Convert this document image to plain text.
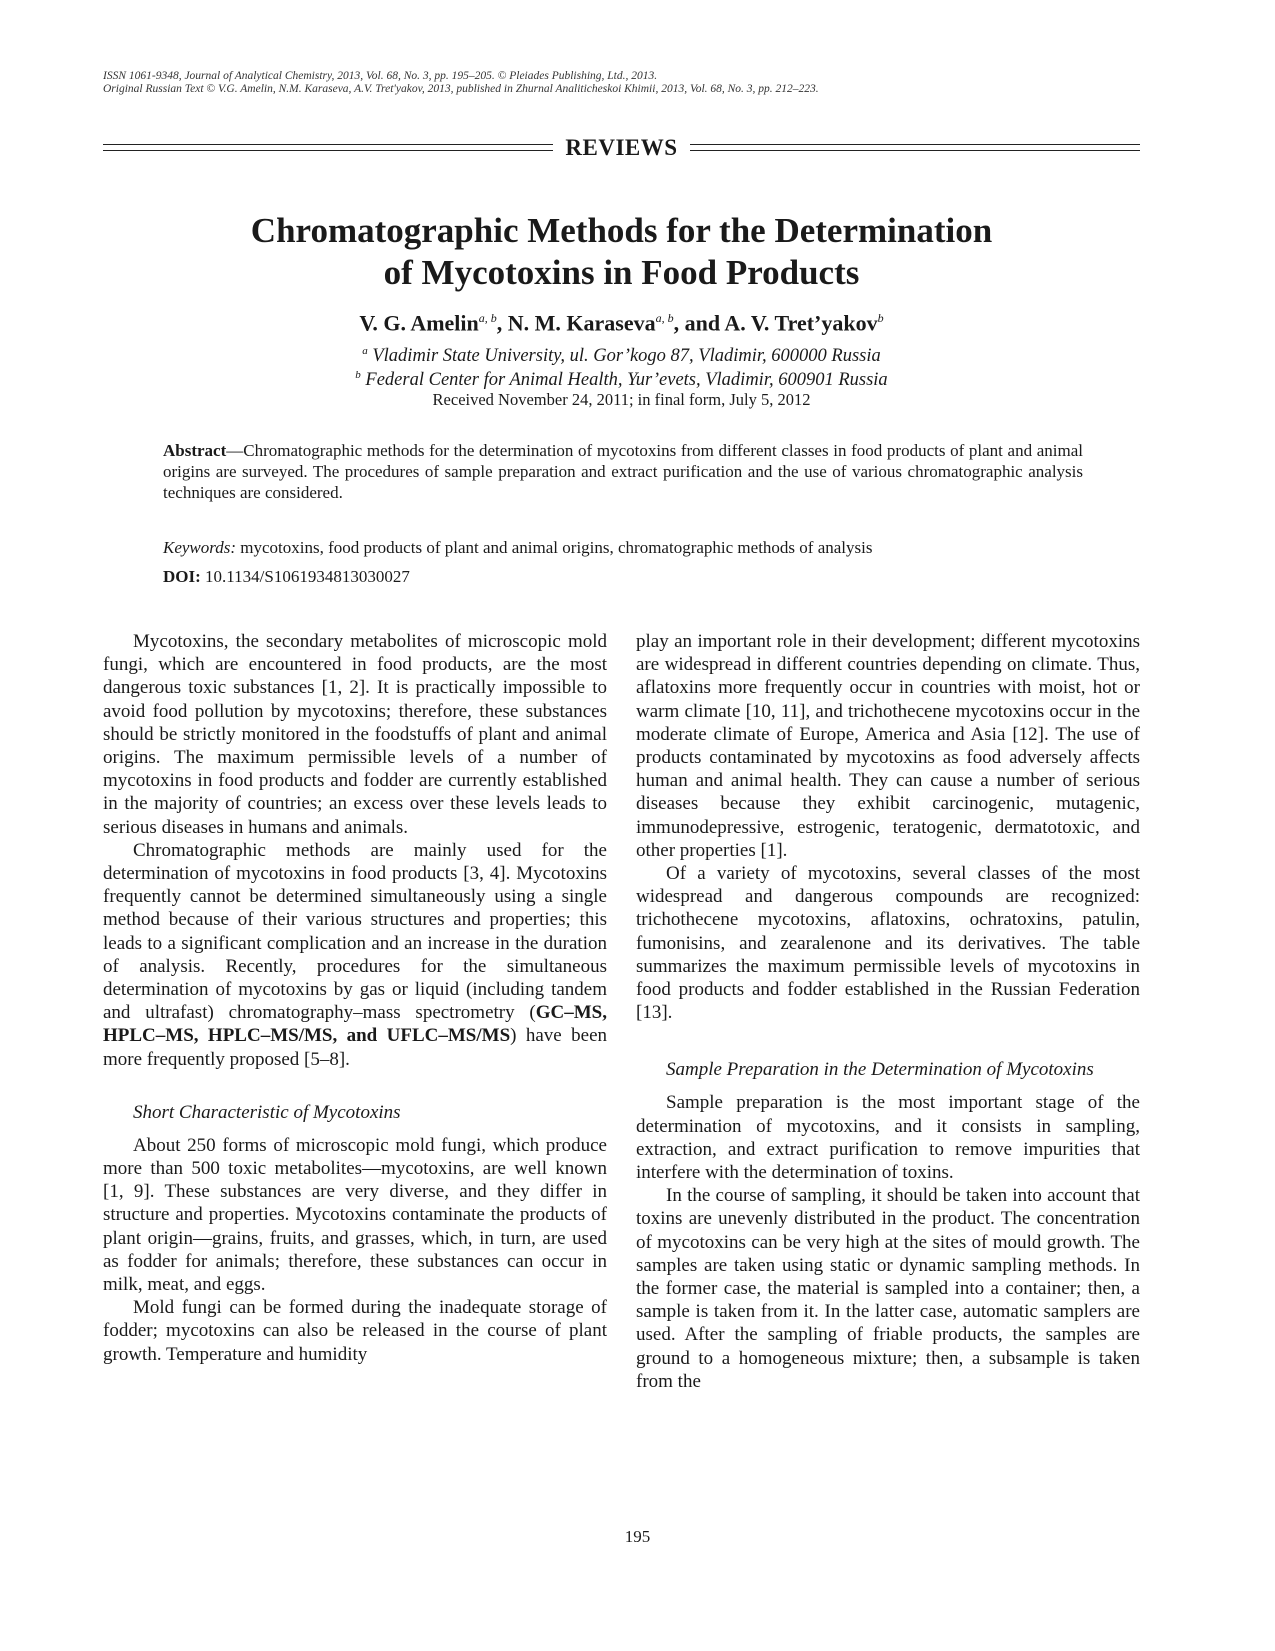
ISSN 1061-9348, Journal of Analytical Chemistry, 2013, Vol. 68, No. 3, pp. 195–205. © Pleiades Publishing, Ltd., 2013.
Original Russian Text © V.G. Amelin, N.M. Karaseva, A.V. Tret'yakov, 2013, published in Zhurnal Analiticheskoi Khimii, 2013, Vol. 68, No. 3, pp. 212–223.
REVIEWS
Chromatographic Methods for the Determination
of Mycotoxins in Food Products
V. G. Amelin$^{a, b}$, N. M. Karaseva$^{a, b}$, and A. V. Tret’yakov$^b$
$^a$ Vladimir State University, ul. Gor’kogo 87, Vladimir, 600000 Russia
$^b$ Federal Center for Animal Health, Yur’evets, Vladimir, 600901 Russia
Received November 24, 2011; in final form, July 5, 2012
Abstract—Chromatographic methods for the determination of mycotoxins from different classes in food products of plant and animal origins are surveyed. The procedures of sample preparation and extract purification and the use of various chromatographic analysis techniques are considered.
Keywords: mycotoxins, food products of plant and animal origins, chromatographic methods of analysis
DOI: 10.1134/S1061934813030027

Mycotoxins, the secondary metabolites of microscopic mold fungi, which are encountered in food products, are the most dangerous toxic substances [1, 2]. It is practically impossible to avoid food pollution by mycotoxins; therefore, these substances should be strictly monitored in the foodstuffs of plant and animal origins. The maximum permissible levels of a number of mycotoxins in food products and fodder are currently established in the majority of countries; an excess over these levels leads to serious diseases in humans and animals.

Chromatographic methods are mainly used for the determination of mycotoxins in food products [3, 4]. Mycotoxins frequently cannot be determined simultaneously using a single method because of their various structures and properties; this leads to a significant complication and an increase in the duration of analysis. Recently, procedures for the simultaneous determination of mycotoxins by gas or liquid (including tandem and ultrafast) chromatography–mass spectrometry (GC–MS, HPLC–MS, HPLC–MS/MS, and UFLC–MS/MS) have been more frequently proposed [5–8].

Short Characteristic of Mycotoxins

About 250 forms of microscopic mold fungi, which produce more than 500 toxic metabolites—mycotoxins, are well known [1, 9]. These substances are very diverse, and they differ in structure and properties. Mycotoxins contaminate the products of plant origin—grains, fruits, and grasses, which, in turn, are used as fodder for animals; therefore, these substances can occur in milk, meat, and eggs.

Mold fungi can be formed during the inadequate storage of fodder; mycotoxins can also be released in the course of plant growth. Temperature and humidity

play an important role in their development; different mycotoxins are widespread in different countries depending on climate. Thus, aflatoxins more frequently occur in countries with moist, hot or warm climate [10, 11], and trichothecene mycotoxins occur in the moderate climate of Europe, America and Asia [12]. The use of products contaminated by mycotoxins as food adversely affects human and animal health. They can cause a number of serious diseases because they exhibit carcinogenic, mutagenic, immunodepressive, estrogenic, teratogenic, dermatotoxic, and other properties [1].

Of a variety of mycotoxins, several classes of the most widespread and dangerous compounds are recognized: trichothecene mycotoxins, aflatoxins, ochratoxins, patulin, fumonisins, and zearalenone and its derivatives. The table summarizes the maximum permissible levels of mycotoxins in food products and fodder established in the Russian Federation [13].

Sample Preparation in the Determination of Mycotoxins

Sample preparation is the most important stage of the determination of mycotoxins, and it consists in sampling, extraction, and extract purification to remove impurities that interfere with the determination of toxins.

In the course of sampling, it should be taken into account that toxins are unevenly distributed in the product. The concentration of mycotoxins can be very high at the sites of mould growth. The samples are taken using static or dynamic sampling methods. In the former case, the material is sampled into a container; then, a sample is taken from it. In the latter case, automatic samplers are used. After the sampling of friable products, the samples are ground to a homogeneous mixture; then, a subsample is taken from the

195
